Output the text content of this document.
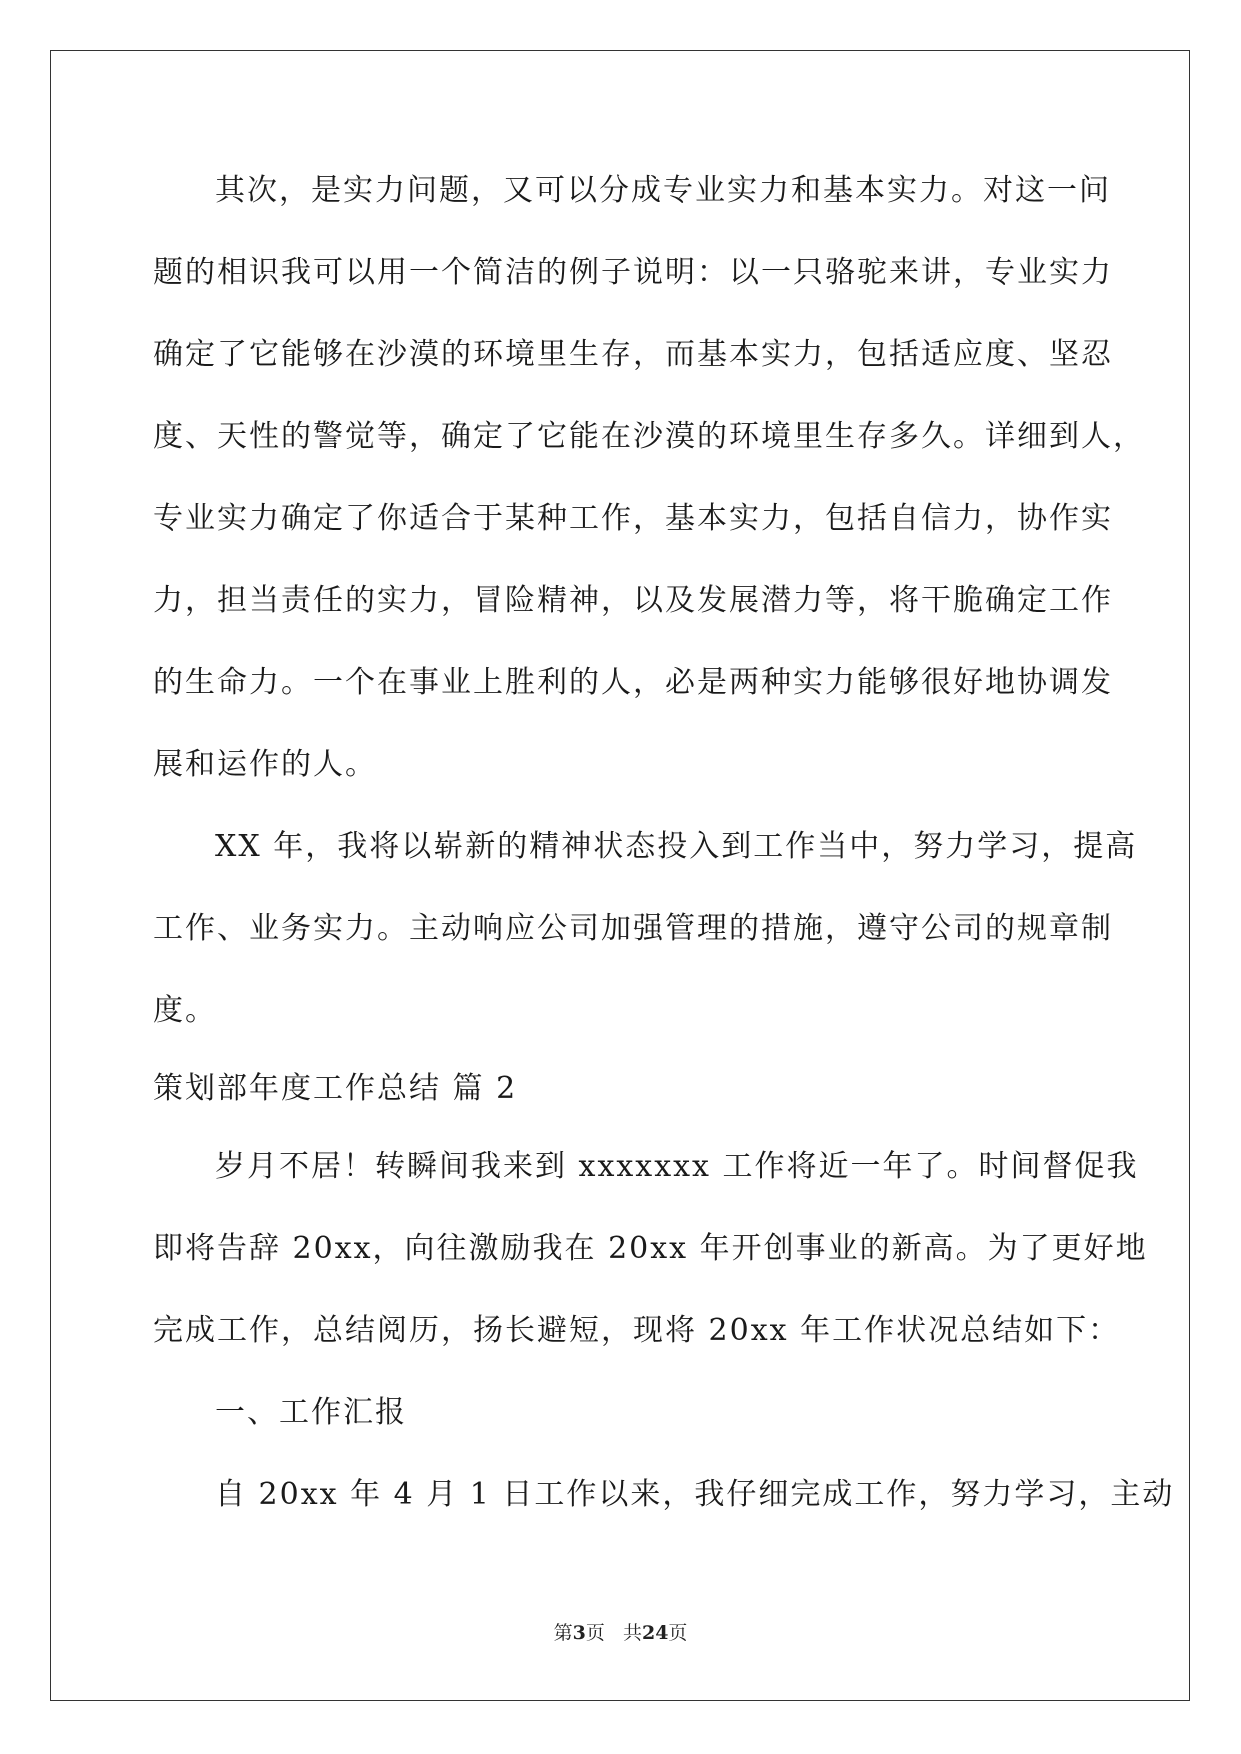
其次，是实力问题，又可以分成专业实力和基本实力。对这一问
题的相识我可以用一个简洁的例子说明：以一只骆驼来讲，专业实力
确定了它能够在沙漠的环境里生存，而基本实力，包括适应度、坚忍
度、天性的警觉等，确定了它能在沙漠的环境里生存多久。详细到人，
专业实力确定了你适合于某种工作，基本实力，包括自信力，协作实
力，担当责任的实力，冒险精神，以及发展潜力等，将干脆确定工作
的生命力。一个在事业上胜利的人，必是两种实力能够很好地协调发
展和运作的人。
XX 年，我将以崭新的精神状态投入到工作当中，努力学习，提高
工作、业务实力。主动响应公司加强管理的措施，遵守公司的规章制
度。
策划部年度工作总结 篇 2
岁月不居！转瞬间我来到 xxxxxxx 工作将近一年了。时间督促我
即将告辞 20xx，向往激励我在 20xx 年开创事业的新高。为了更好地
完成工作，总结阅历，扬长避短，现将 20xx 年工作状况总结如下：
一、工作汇报
自 20xx 年 4 月 1 日工作以来，我仔细完成工作，努力学习，主动
第3页 共24页
